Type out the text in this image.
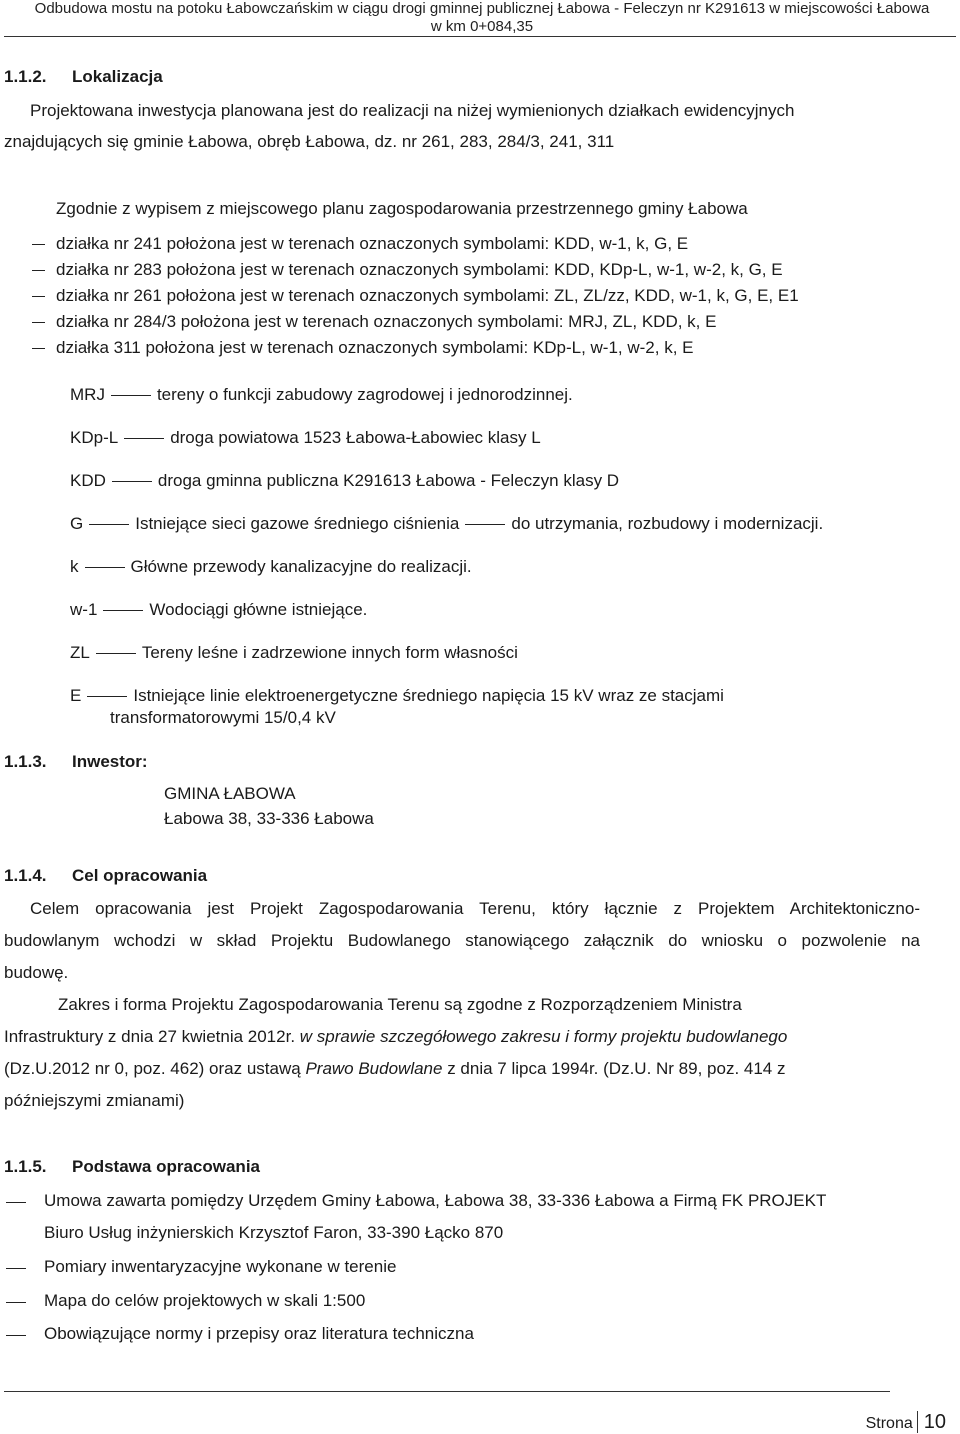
Odbudowa mostu na potoku Łabowczańskim w ciągu drogi gminnej publicznej Łabowa - Feleczyn nr K291613 w miejscowości Łabowa
w km 0+084,35
1.1.2. Lokalizacja
Projektowana inwestycja planowana jest do realizacji na niżej wymienionych działkach ewidencyjnych
znajdujących się gminie Łabowa, obręb Łabowa, dz. nr 261, 283, 284/3, 241, 311
Zgodnie z wypisem z miejscowego planu zagospodarowania przestrzennego gminy Łabowa
działka nr 241 położona jest w terenach oznaczonych symbolami: KDD, w-1, k, G, E
działka nr 283 położona jest w terenach oznaczonych symbolami: KDD, KDp-L, w-1, w-2, k, G, E
działka nr 261 położona jest w terenach oznaczonych symbolami: ZL, ZL/zz, KDD, w-1, k, G, E, E1
działka nr 284/3 położona jest w terenach oznaczonych symbolami: MRJ, ZL, KDD, k, E
działka 311 położona jest w terenach oznaczonych symbolami: KDp-L, w-1, w-2, k, E
MRJ	tereny o funkcji zabudowy zagrodowej i jednorodzinnej.
KDp-L	droga powiatowa 1523 Łabowa-Łabowiec klasy L
KDD	droga gminna publiczna K291613 Łabowa - Feleczyn klasy D
G	Istniejące sieci gazowe średniego ciśnienia	do utrzymania, rozbudowy i modernizacji.
k	Główne przewody kanalizacyjne do realizacji.
w-1	Wodociągi główne istniejące.
ZL	Tereny leśne i zadrzewione innych form własności
E	Istniejące linie elektroenergetyczne średniego napięcia 15 kV wraz ze stacjami
transformatorowymi 15/0,4 kV
1.1.3. Inwestor:
GMINA ŁABOWA
Łabowa 38, 33-336 Łabowa
1.1.4. Cel opracowania
Celem opracowania jest Projekt Zagospodarowania Terenu, który łącznie z Projektem Architektoniczno-
budowlanym wchodzi w skład Projektu Budowlanego stanowiącego załącznik do wniosku o pozwolenie na
budowę.
Zakres i forma Projektu Zagospodarowania Terenu są zgodne z Rozporządzeniem Ministra
Infrastruktury z dnia 27 kwietnia 2012r. w sprawie szczegółowego zakresu i formy projektu budowlanego
(Dz.U.2012 nr 0, poz. 462) oraz ustawą Prawo Budowlane z dnia 7 lipca 1994r. (Dz.U. Nr 89, poz. 414 z
późniejszymi zmianami)
1.1.5. Podstawa opracowania
Umowa zawarta pomiędzy Urzędem Gminy Łabowa, Łabowa 38, 33-336 Łabowa a Firmą FK PROJEKT
Biuro Usług inżynierskich Krzysztof Faron, 33-390 Łącko 870
Pomiary inwentaryzacyjne wykonane w terenie
Mapa do celów projektowych w skali 1:500
Obowiązujące normy i przepisy oraz literatura techniczna
Strona 10
